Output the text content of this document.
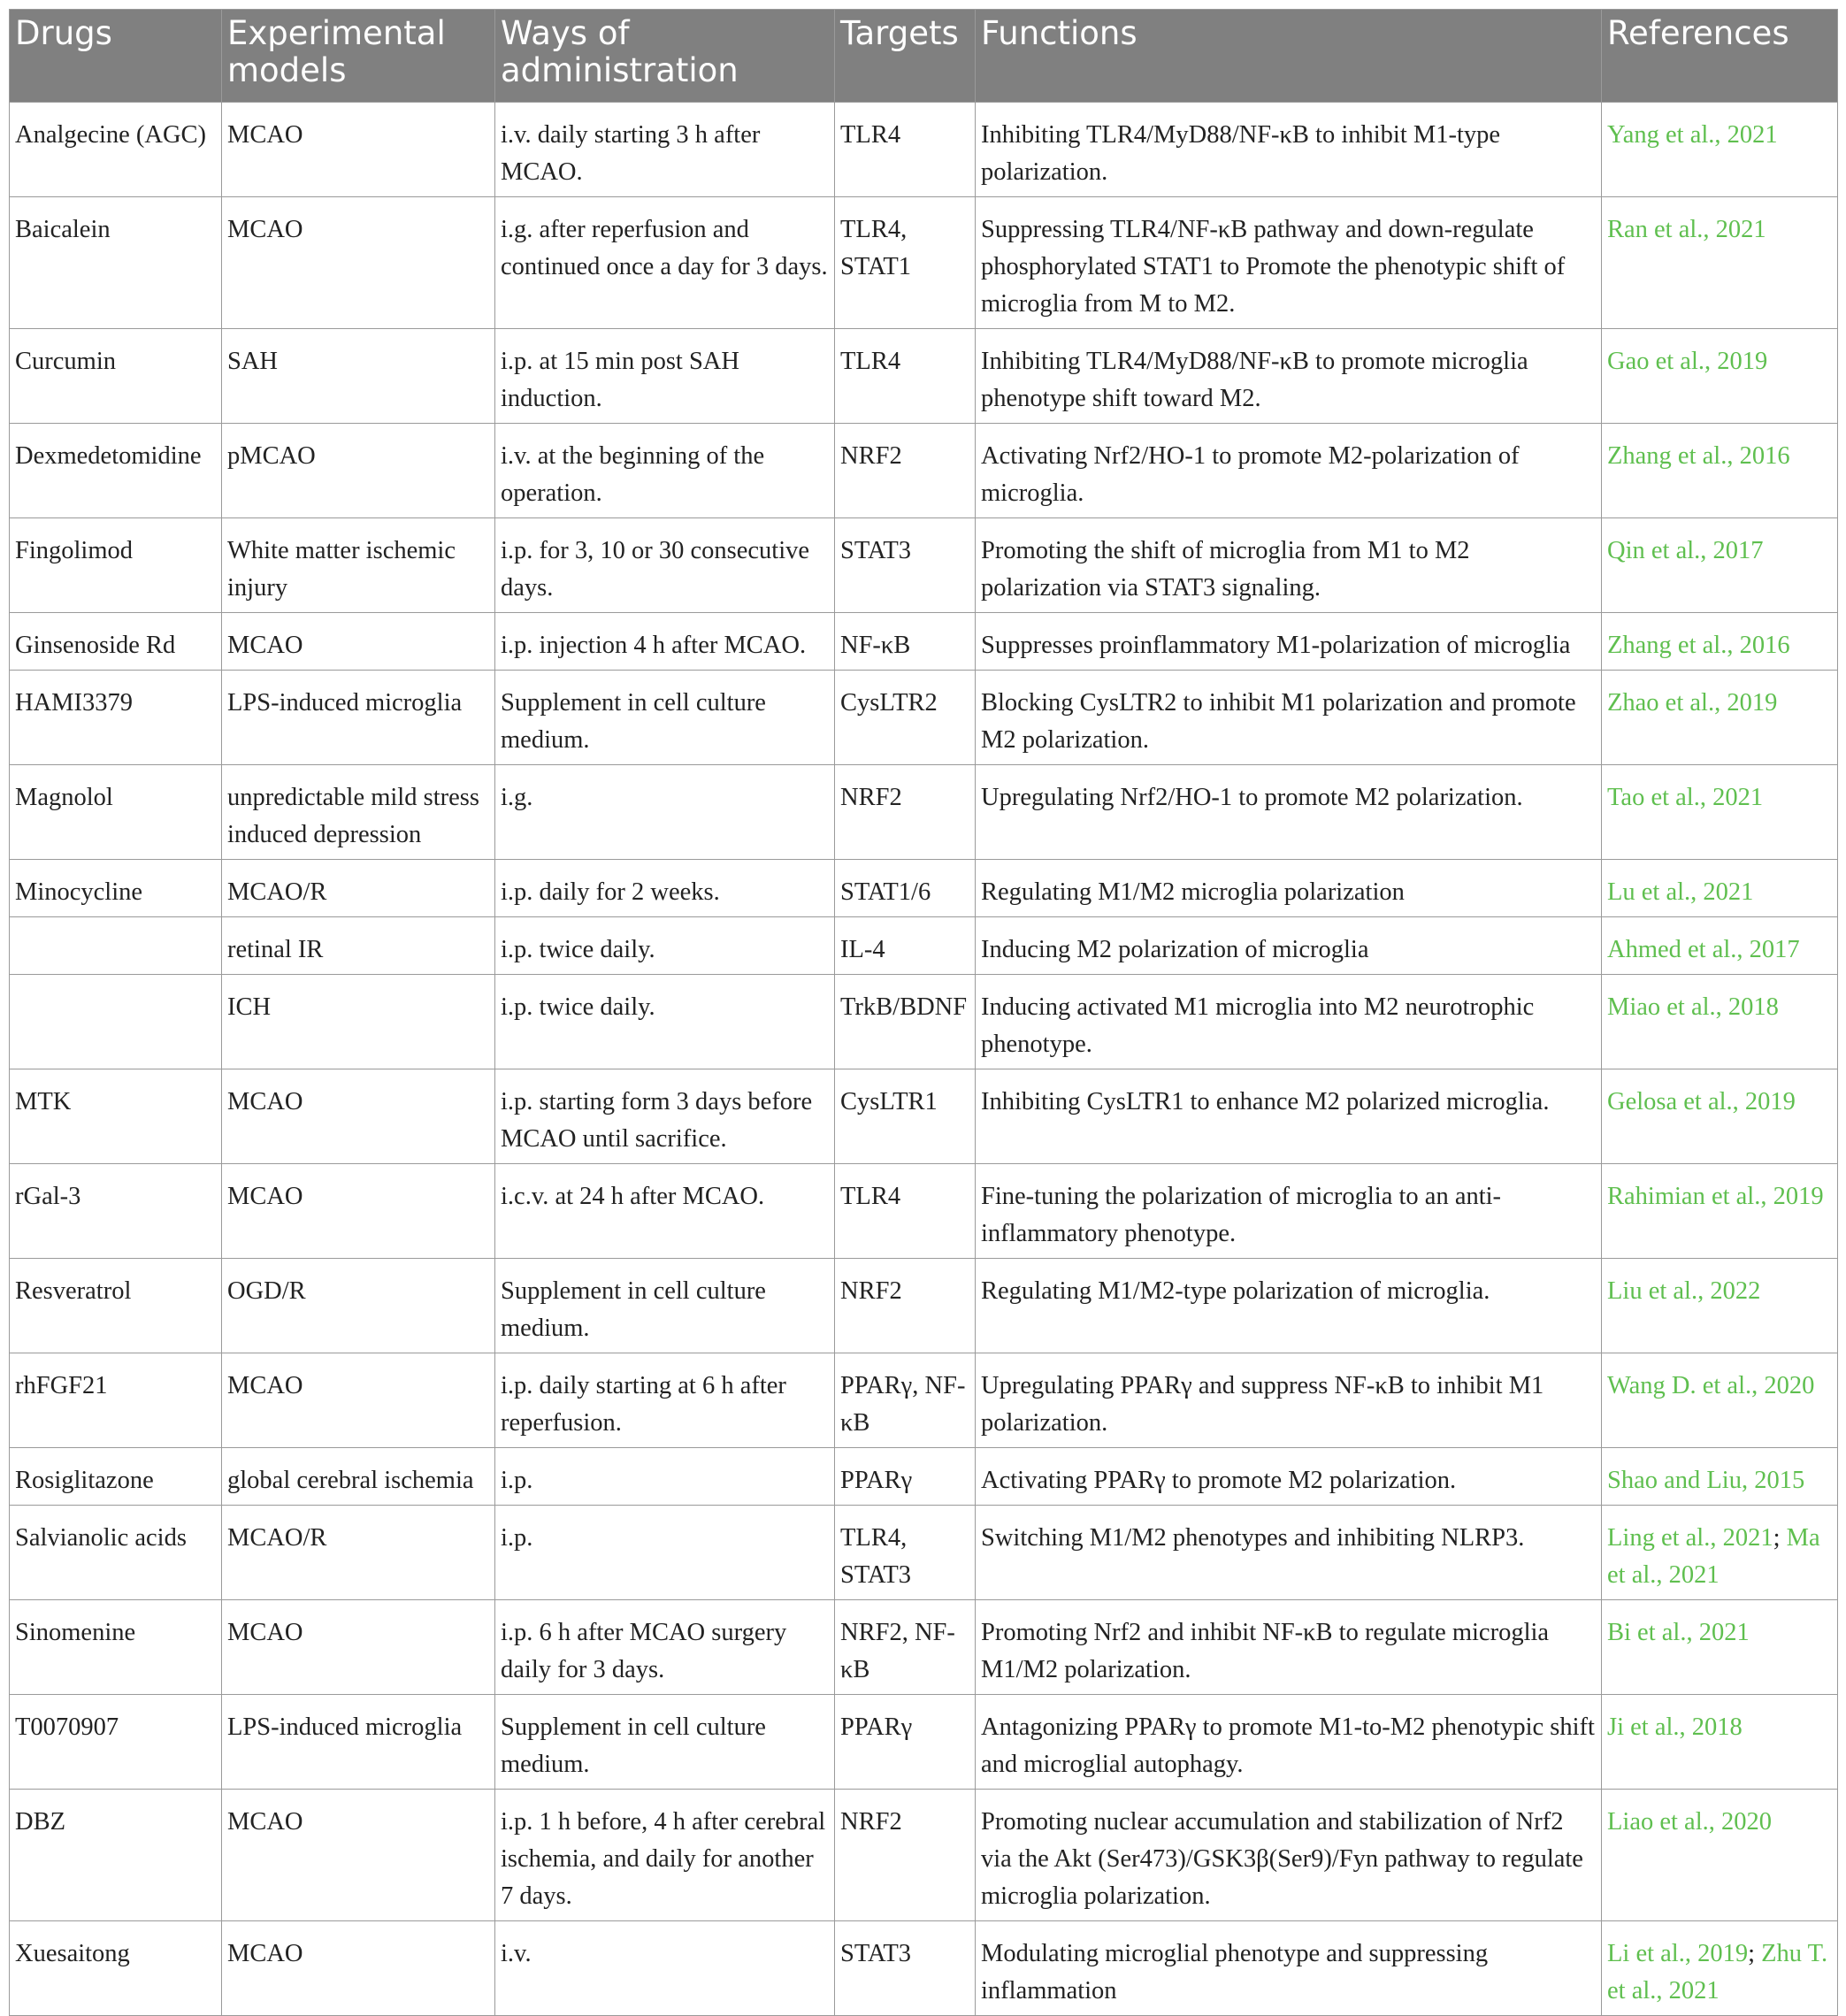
Drugs	Experimental models	Ways of administration	Targets	Functions	References
Analgecine (AGC)	MCAO	i.v. daily starting 3 h after MCAO.	TLR4	Inhibiting TLR4/MyD88/NF-κB to inhibit M1-type polarization.	Yang et al., 2021
Baicalein	MCAO	i.g. after reperfusion and continued once a day for 3 days.	TLR4, STAT1	Suppressing TLR4/NF-κB pathway and down-regulate phosphorylated STAT1 to Promote the phenotypic shift of microglia from M to M2.	Ran et al., 2021
Curcumin	SAH	i.p. at 15 min post SAH induction.	TLR4	Inhibiting TLR4/MyD88/NF-κB to promote microglia phenotype shift toward M2.	Gao et al., 2019
Dexmedetomidine	pMCAO	i.v. at the beginning of the operation.	NRF2	Activating Nrf2/HO-1 to promote M2-polarization of microglia.	Zhang et al., 2016
Fingolimod	White matter ischemic injury	i.p. for 3, 10 or 30 consecutive days.	STAT3	Promoting the shift of microglia from M1 to M2 polarization via STAT3 signaling.	Qin et al., 2017
Ginsenoside Rd	MCAO	i.p. injection 4 h after MCAO.	NF-κB	Suppresses proinflammatory M1-polarization of microglia	Zhang et al., 2016
HAMI3379	LPS-induced microglia	Supplement in cell culture medium.	CysLTR2	Blocking CysLTR2 to inhibit M1 polarization and promote M2 polarization.	Zhao et al., 2019
Magnolol	unpredictable mild stress induced depression	i.g.	NRF2	Upregulating Nrf2/HO-1 to promote M2 polarization.	Tao et al., 2021
Minocycline	MCAO/R	i.p. daily for 2 weeks.	STAT1/6	Regulating M1/M2 microglia polarization	Lu et al., 2021
	retinal IR	i.p. twice daily.	IL-4	Inducing M2 polarization of microglia	Ahmed et al., 2017
	ICH	i.p. twice daily.	TrkB/BDNF	Inducing activated M1 microglia into M2 neurotrophic phenotype.	Miao et al., 2018
MTK	MCAO	i.p. starting form 3 days before MCAO until sacrifice.	CysLTR1	Inhibiting CysLTR1 to enhance M2 polarized microglia.	Gelosa et al., 2019
rGal-3	MCAO	i.c.v. at 24 h after MCAO.	TLR4	Fine-tuning the polarization of microglia to an anti-inflammatory phenotype.	Rahimian et al., 2019
Resveratrol	OGD/R	Supplement in cell culture medium.	NRF2	Regulating M1/M2-type polarization of microglia.	Liu et al., 2022
rhFGF21	MCAO	i.p. daily starting at 6 h after reperfusion.	PPARγ, NF-κB	Upregulating PPARγ and suppress NF-κB to inhibit M1 polarization.	Wang D. et al., 2020
Rosiglitazone	global cerebral ischemia	i.p.	PPARγ	Activating PPARγ to promote M2 polarization.	Shao and Liu, 2015
Salvianolic acids	MCAO/R	i.p.	TLR4, STAT3	Switching M1/M2 phenotypes and inhibiting NLRP3.	Ling et al., 2021; Ma et al., 2021
Sinomenine	MCAO	i.p. 6 h after MCAO surgery daily for 3 days.	NRF2, NF-κB	Promoting Nrf2 and inhibit NF-κB to regulate microglia M1/M2 polarization.	Bi et al., 2021
T0070907	LPS-induced microglia	Supplement in cell culture medium.	PPARγ	Antagonizing PPARγ to promote M1-to-M2 phenotypic shift and microglial autophagy.	Ji et al., 2018
DBZ	MCAO	i.p. 1 h before, 4 h after cerebral ischemia, and daily for another 7 days.	NRF2	Promoting nuclear accumulation and stabilization of Nrf2 via the Akt (Ser473)/GSK3β(Ser9)/Fyn pathway to regulate microglia polarization.	Liao et al., 2020
Xuesaitong	MCAO	i.v.	STAT3	Modulating microglial phenotype and suppressing inflammation	Li et al., 2019; Zhu T. et al., 2021
